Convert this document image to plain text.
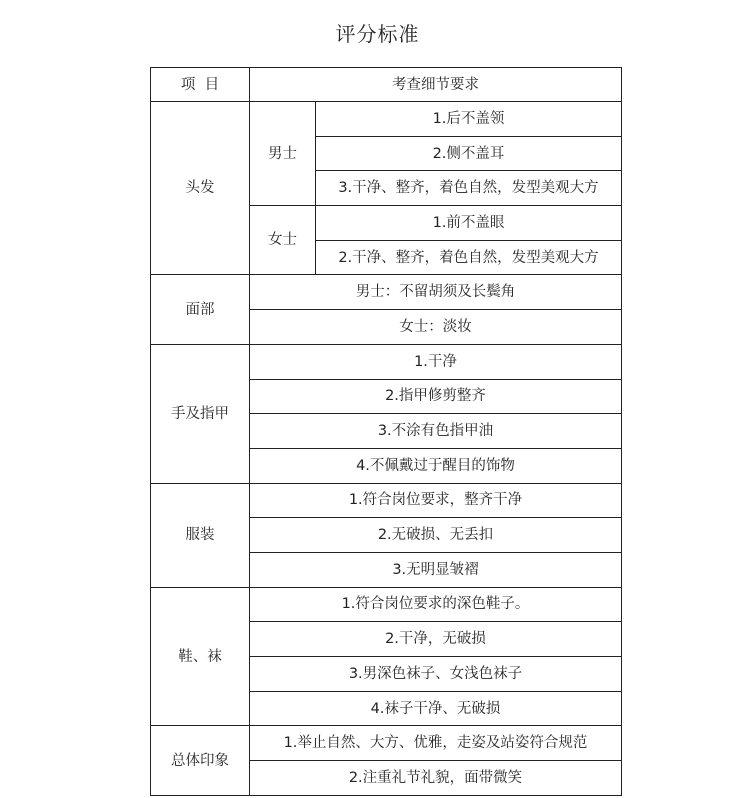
评分标准
项  目	考查细节要求	
头发	男士	1.后不盖领
		2.侧不盖耳
		3.干净、整齐，着色自然，发型美观大方
	女士	1.前不盖眼
		2.干净、整齐，着色自然，发型美观大方
面部	男士：不留胡须及长鬓角	
	女士：淡妆	
手及指甲	1.干净	
	2.指甲修剪整齐	
	3.不涂有色指甲油	
	4.不佩戴过于醒目的饰物	
服装	1.符合岗位要求，整齐干净	
	2.无破损、无丢扣	
	3.无明显皱褶	
鞋、袜	1.符合岗位要求的深色鞋子。	
	2.干净，无破损	
	3.男深色袜子、女浅色袜子	
	4.袜子干净、无破损	
总体印象	1.举止自然、大方、优雅，走姿及站姿符合规范	
	2.注重礼节礼貌，面带微笑	
